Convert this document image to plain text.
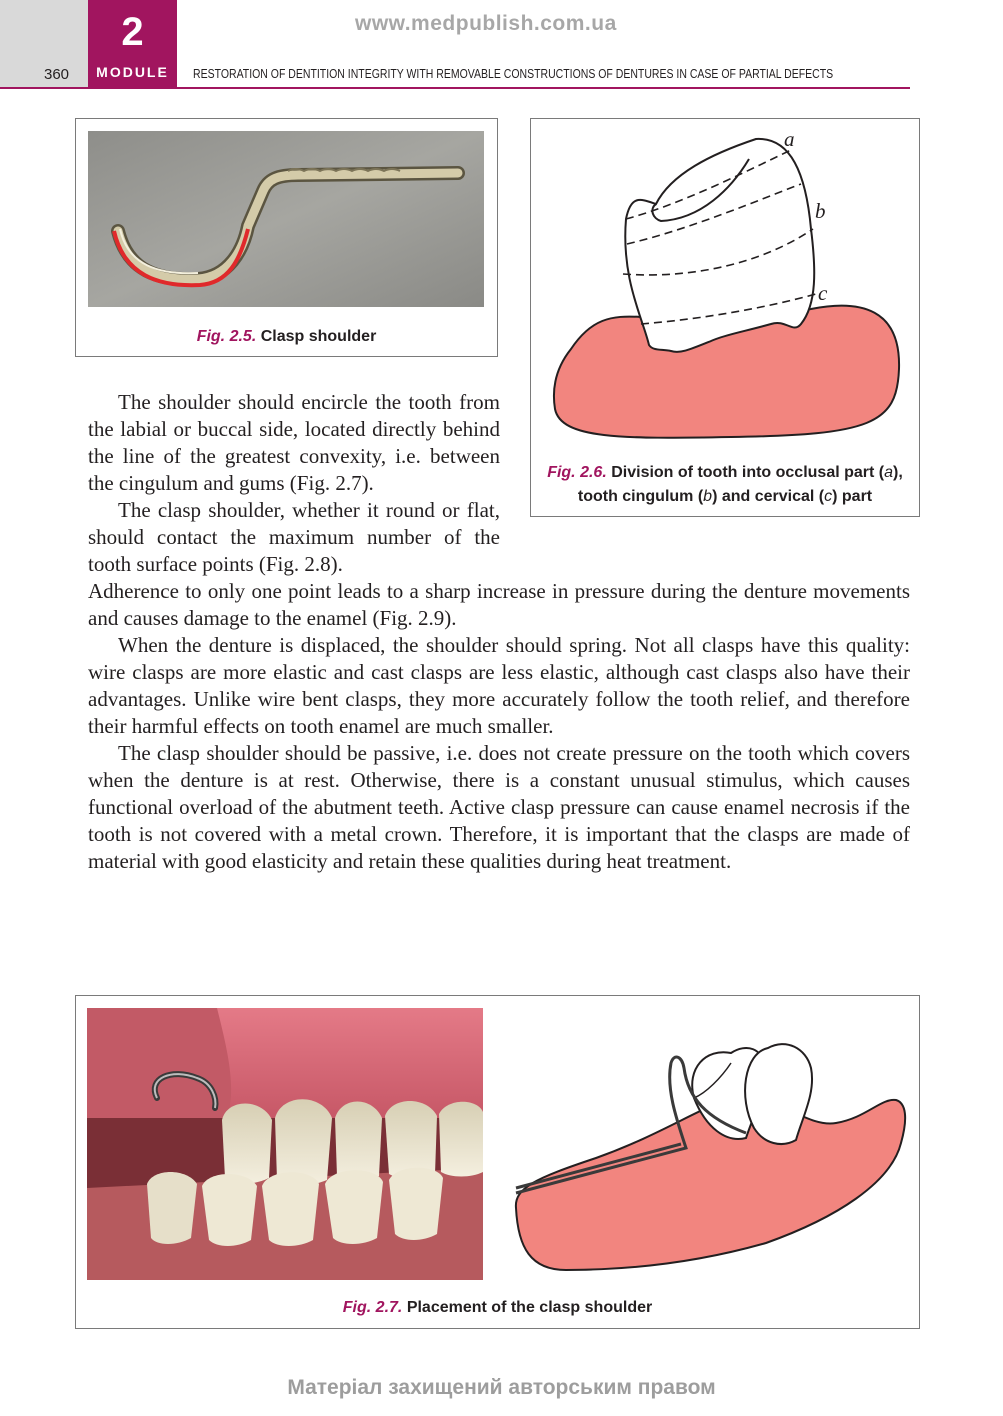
2
MODULE
360
www.medpublish.com.ua
RESTORATION OF DENTITION INTEGRITY WITH REMOVABLE CONSTRUCTIONS OF DENTURES IN CASE OF PARTIAL DEFECTS
Fig. 2.5. Clasp shoulder
a
b
c
Fig. 2.6. Division of tooth into occlusal part (a),
tooth cingulum (b) and cervical (c) part

The shoulder should encircle the tooth from the labial or buccal side, located directly behind the line of the greatest convexity, i.e. between the cingulum and gums (Fig. 2.7).

The clasp shoulder, whether it round or flat, should contact the maximum number of the tooth surface points (Fig. 2.8).

Adherence to only one point leads to a sharp increase in pressure during the denture movements and causes damage to the enamel (Fig. 2.9).

When the denture is displaced, the shoulder should spring. Not all clasps have this quality: wire clasps are more elastic and cast clasps are less elastic, although cast clasps also have their advantages. Unlike wire bent clasps, they more accurately follow the tooth relief, and therefore their harmful effects on tooth enamel are much smaller.

The clasp shoulder should be passive, i.e. does not create pressure on the tooth which covers when the denture is at rest. Otherwise, there is a constant unusual stimulus, which causes functional overload of the abutment teeth. Active clasp pressure can cause enamel necrosis if the tooth is not covered with a metal crown. Therefore, it is important that the clasps are made of material with good elasticity and retain these qualities during heat treatment.

Fig. 2.7. Placement of the clasp shoulder
Матеріал захищений авторським правом
